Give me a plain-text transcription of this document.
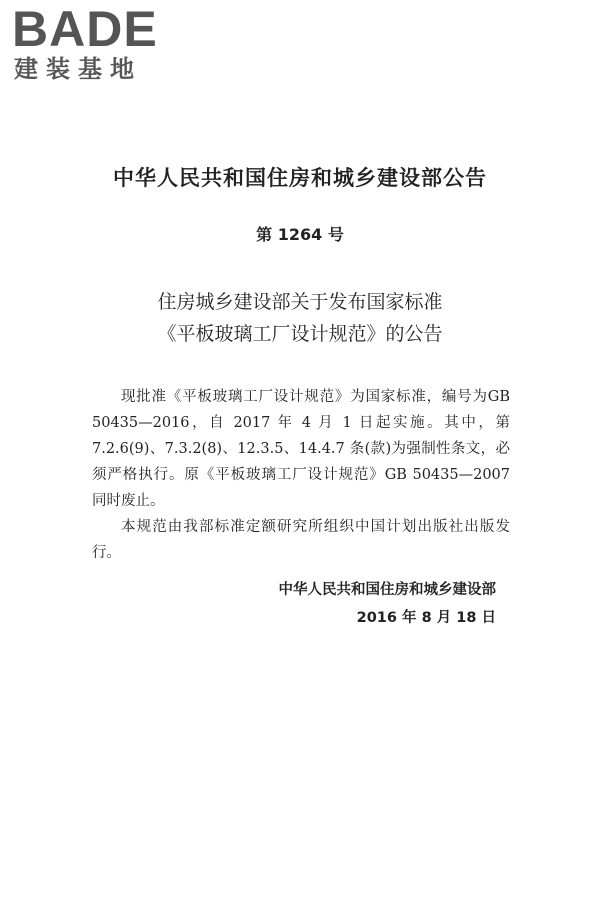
BADE
建装基地
中华人民共和国住房和城乡建设部公告
第 1264 号
住房城乡建设部关于发布国家标准
《平板玻璃工厂设计规范》的公告

现批准《平板玻璃工厂设计规范》为国家标准，编号为GB 50435—2016，自 2017 年 4 月 1 日起实施。其中，第 7.2.6(9)、7.3.2(8)、12.3.5、14.4.7 条(款)为强制性条文，必须严格执行。原《平板玻璃工厂设计规范》GB 50435—2007 同时废止。

本规范由我部标准定额研究所组织中国计划出版社出版发行。

中华人民共和国住房和城乡建设部
2016 年 8 月 18 日
